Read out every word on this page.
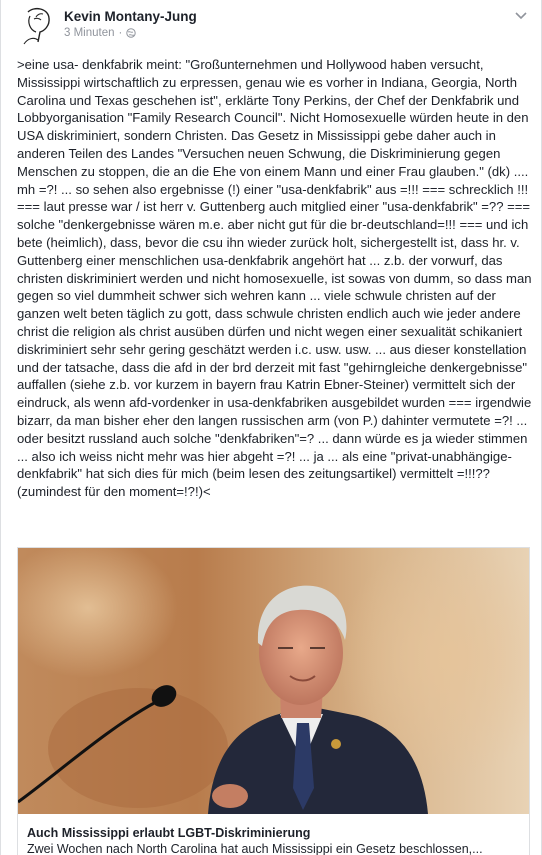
Kevin Montany-Jung
3 Minuten ·
>eine usa- denkfabrik meint: "Großunternehmen und Hollywood haben versucht, Mississippi wirtschaftlich zu erpressen, genau wie es vorher in Indiana, Georgia, North Carolina und Texas geschehen ist", erklärte Tony Perkins, der Chef der Denkfabrik und Lobbyorganisation "Family Research Council". Nicht Homosexuelle würden heute in den USA diskriminiert, sondern Christen. Das Gesetz in Mississippi gebe daher auch in anderen Teilen des Landes "Versuchen neuen Schwung, die Diskriminierung gegen Menschen zu stoppen, die an die Ehe von einem Mann und einer Frau glauben." (dk) .... mh =?! ... so sehen also ergebnisse (!) einer "usa-denkfabrik" aus =!!! === schrecklich !!! === laut presse war / ist herr v. Guttenberg auch mitglied einer "usa-denkfabrik" =?? === solche "denkergebnisse wären m.e. aber nicht gut für die br-deutschland=!!! === und ich bete (heimlich), dass, bevor die csu ihn wieder zurück holt, sichergestellt ist, dass hr. v. Guttenberg einer menschlichen usa-denkfabrik angehört hat ... z.b. der vorwurf, das christen diskriminiert werden und nicht homosexuelle, ist sowas von dumm, so dass man gegen so viel dummheit schwer sich wehren kann ... viele schwule christen auf der ganzen welt beten täglich zu gott, dass schwule christen endlich auch wie jeder andere christ die religion als christ ausüben dürfen und nicht wegen einer sexualität schikaniert diskriminiert sehr sehr gering geschätzt werden i.c. usw. usw. ... aus dieser konstellation und der tatsache, dass die afd in der brd derzeit mit fast "gehirngleiche denkergebnisse" auffallen (siehe z.b. vor kurzem in bayern frau Katrin Ebner-Steiner) vermittelt sich der eindruck, als wenn afd-vordenker in usa-denkfabriken ausgebildet wurden === irgendwie bizarr, da man bisher eher den langen russischen arm (von P.) dahinter vermutete =?! ... oder besitzt russland auch solche "denkfabriken"=? ... dann würde es ja wieder stimmen ... also ich weiss nicht mehr was hier abgeht =?! ... ja ... als eine "privat-unabhängige-denkfabrik" hat sich dies für mich (beim lesen des zeitungsartikel) vermittelt =!!!?? (zumindest für den moment=!?!)<
Auch Mississippi erlaubt LGBT-Diskriminierung
Zwei Wochen nach North Carolina hat auch Mississippi ein Gesetz beschlossen,...
